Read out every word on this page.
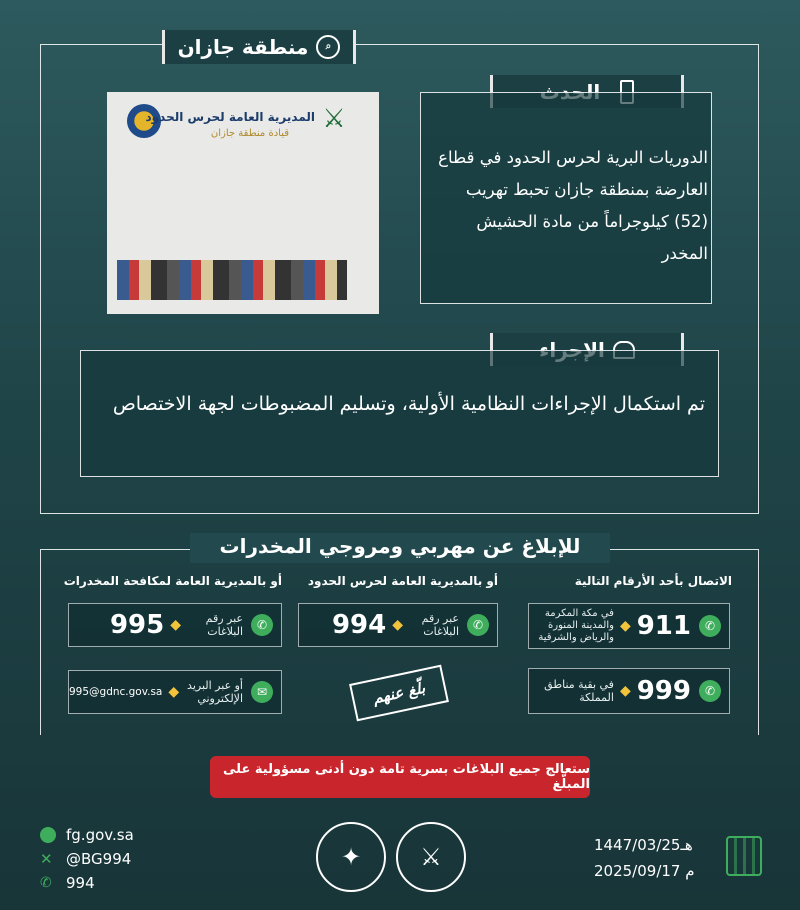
⌕
منطقة جازان
⚔
المديرية العامة لحرس الحدود
قيادة منطقة جازان
الدوريات البرية لحرس الحدود في قطاع العارضة بمنطقة جازان تحبط تهريب (52) كيلوجراماً من مادة الحشيش المخدر
تم استكمال الإجراءات النظامية الأولية، وتسليم المضبوطات لجهة الاختصاص
للإبلاغ عن مهربي ومروجي المخدرات
الاتصال بأحد الأرقام التالية
أو بالمديرية العامة لحرس الحدود
أو بالمديرية العامة لمكافحة المخدرات
✆
911
◆
في مكة المكرمة والمدينة المنورة والرياض والشرقية
✆
999
◆
في بقية مناطق المملكة
✆
عبر رقم البلاغات
◆
994
✆
عبر رقم البلاغات
◆
995
✉
أو عبر البريد الإلكتروني
◆
995@gdnc.gov.sa	بلّغ عنهم
ستعالج جميع البلاغات بسرية تامة دون أدنى مسؤولية على المبلّغ
fg.gov.sa
✕ @BG994
✆ 994
✦	⚔	1447/03/25هـ
2025/09/17 م
